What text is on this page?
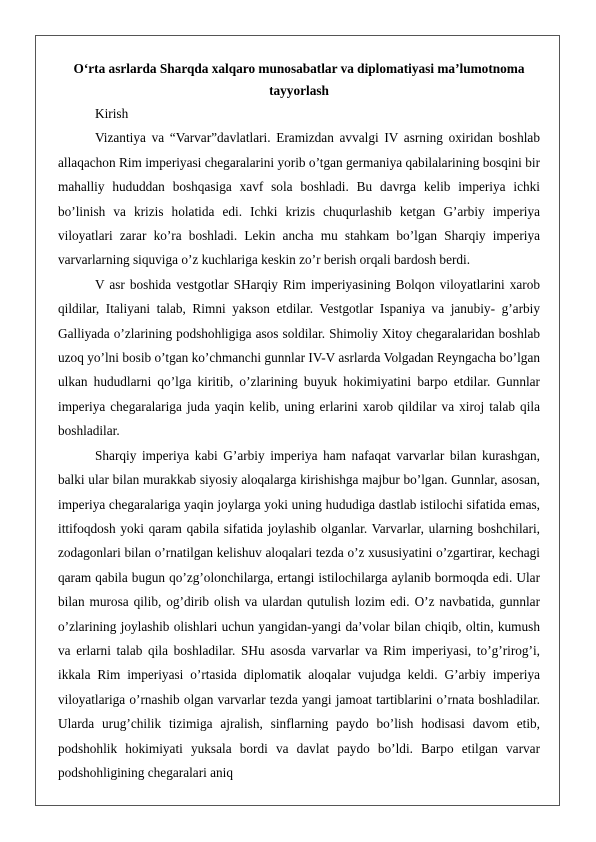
O‘rta asrlarda Sharqda xalqaro munosabatlar va diplomatiyasi ma’lumotnoma tayyorlash

Kirish

Vizantiya va “Varvar”davlatlari. Eramizdan avvalgi IV asrning oxiridan boshlab allaqachon Rim imperiyasi chegaralarini yorib o’tgan germaniya qabilalarining bosqini bir mahalliy hududdan boshqasiga xavf sola boshladi. Bu davrga kelib imperiya ichki bo’linish va krizis holatida edi. Ichki krizis chuqurlashib ketgan G’arbiy imperiya viloyatlari zarar ko’ra boshladi. Lekin ancha mu stahkam bo’lgan Sharqiy imperiya varvarlarning siquviga o’z kuchlariga keskin zo’r berish orqali bardosh berdi.

V asr boshida vestgotlar SHarqiy Rim imperiyasining Bolqon viloyatlarini xarob qildilar, Italiyani talab, Rimni yakson etdilar. Vestgotlar Ispaniya va janubiy- g’arbiy Galliyada o’zlarining podshohligiga asos soldilar. Shimoliy Xitoy chegaralaridan boshlab uzoq yo’lni bosib o’tgan ko’chmanchi gunnlar IV-V asrlarda Volgadan Reyngacha bo’lgan ulkan hududlarni qo’lga kiritib, o’zlarining buyuk hokimiyatini barpo etdilar. Gunnlar imperiya chegaralariga juda yaqin kelib, uning erlarini xarob qildilar va xiroj talab qila boshladilar.

Sharqiy imperiya kabi G’arbiy imperiya ham nafaqat varvarlar bilan kurashgan, balki ular bilan murakkab siyosiy aloqalarga kirishishga majbur bo’lgan. Gunnlar, asosan, imperiya chegaralariga yaqin joylarga yoki uning hududiga dastlab istilochi sifatida emas, ittifoqdosh yoki qaram qabila sifatida joylashib olganlar. Varvarlar, ularning boshchilari, zodagonlari bilan o’rnatilgan kelishuv aloqalari tezda o’z xususiyatini o’zgartirar, kechagi qaram qabila bugun qo’zg’olonchilarga, ertangi istilochilarga aylanib bormoqda edi. Ular bilan murosa qilib, og’dirib olish va ulardan qutulish lozim edi. O’z navbatida, gunnlar o’zlarining joylashib olishlari uchun yangidan-yangi da’volar bilan chiqib, oltin, kumush va erlarni talab qila boshladilar. SHu asosda varvarlar va Rim imperiyasi, to’g’rirog’i, ikkala Rim imperiyasi o’rtasida diplomatik aloqalar vujudga keldi. G’arbiy imperiya viloyatlariga o’rnashib olgan varvarlar tezda yangi jamoat tartiblarini o’rnata boshladilar. Ularda urug’chilik tizimiga ajralish, sinflarning paydo bo’lish hodisasi davom etib, podshohlik hokimiyati yuksala bordi va davlat paydo bo’ldi. Barpo etilgan varvar podshohligining chegaralari aniq
